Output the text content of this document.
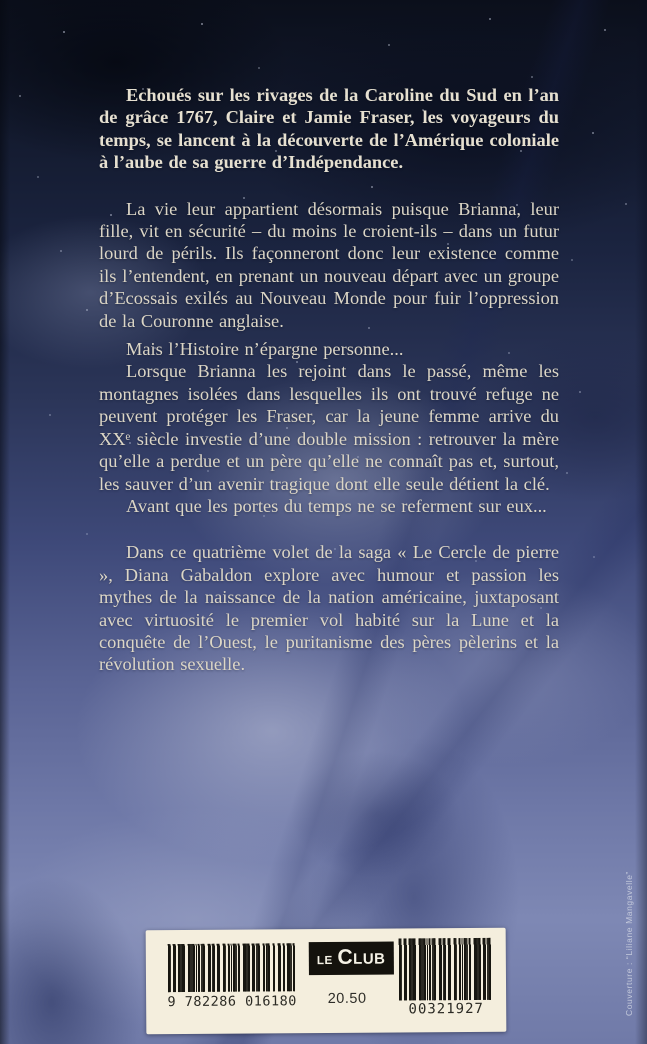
Echoués sur les rivages de la Caroline du Sud en l’an de grâce 1767, Claire et Jamie Fraser, les voyageurs du temps, se lancent à la découverte de l’Amérique coloniale à l’aube de sa guerre d’Indépendance.

La vie leur appartient désormais puisque Brianna, leur fille, vit en sécurité – du moins le croient-ils – dans un futur lourd de périls. Ils façonneront donc leur existence comme ils l’entendent, en prenant un nouveau départ avec un groupe d’Ecossais exilés au Nouveau Monde pour fuir l’oppression de la Couronne anglaise.

Mais l’Histoire n’épargne personne...

Lorsque Brianna les rejoint dans le passé, même les montagnes isolées dans lesquelles ils ont trouvé refuge ne peuvent protéger les Fraser, car la jeune femme arrive du XXᵉ siècle investie d’une double mission : retrouver la mère qu’elle a perdue et un père qu’elle ne connaît pas et, surtout, les sauver d’un avenir tragique dont elle seule détient la clé.

Avant que les portes du temps ne se referment sur eux...

Dans ce quatrième volet de la saga « Le Cercle de pierre », Diana Gabaldon explore avec humour et passion les mythes de la naissance de la nation américaine, juxtaposant avec virtuosité le premier vol habité sur la Lune et la conquête de l’Ouest, le puritanisme des pères pèlerins et la révolution sexuelle.

Couverture : “Liliane Mangavelle”
9 782286 016180
LE CLUB
20.50
00321927
